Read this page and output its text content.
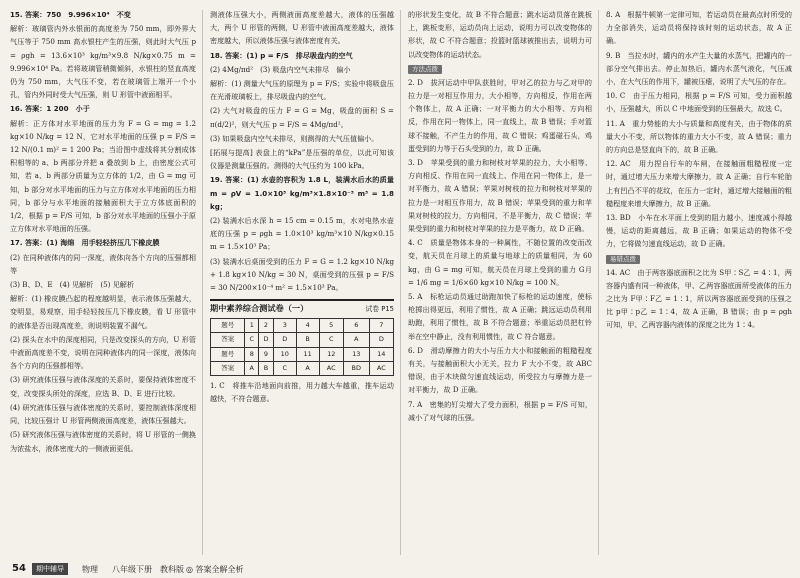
15. 答案：750　9.996×10⁴　不变

解析：玻璃管内外水银面的高度差为 750 mm，即外界大气压等于 750 mm 高水银柱产生的压强，则此时大气压 p = ρgh = 13.6×10³ kg/m³×9.8 N/kg×0.75 m = 9.996×10⁴ Pa。若将玻璃管稍微倾斜，水银柱的竖直高度仍为 750 mm，大气压不变，若在玻璃管上端开一个小孔，管内外同时受大气压强，则 U 形管中液面相平。

16. 答案：1 200　小于

解析：正方体对水平地面的压力为 F = G = mg = 1.2 kg×10 N/kg = 12 N，它对水平地面的压强 p = F/S = 12 N/(0.1 m)² = 1 200 Pa；当沿图中虚线将其分割成体积相等的 a、b 两部分并把 a 叠放到 b 上，由密度公式可知，若 a、b 两部分质量为立方体的 1/2，由 G = mg 可知，b 部分对水平地面的压力与立方体对水平地面的压力相同，b 部分与水平地面的接触面积大于立方体底面积的 1/2，根据 p = F/S 可知，b 部分对水平地面的压强小于原立方体对水平地面的压强。

17. 答案：(1) 海绵　用手轻轻挤压几下橡皮膜

(2) 在同种液体内的同一深度，液体向各个方向的压强都相等

(3) B、D、E　(4) 见解析　(5) 见解析

解析：(1) 橡皮膜凸起的程度越明显，表示液体压强越大，变明显，易观察，用手轻轻按压几下橡皮膜，看 U 形管中的液体是否出现高度差，则说明装置不漏气。

(2) 探头在水中的深度相同，只是改变探头的方向，U 形管中液面高度差不变，说明在同种液体内的同一深度，液体向各个方向的压强都相等。

(3) 研究液体压强与液体深度的关系时，要保持液体密度不变，改变探头所处的深度，应选 B、D、E 进行比较。

(4) 研究液体压强与液体密度的关系时，要控制液体深度相同，比较压强计 U 形管两侧液面高度差，液体压强越大。

(5) 研究液体压强与液体密度的关系时，将 U 形管的一侧换为浓盐水，液体密度大的一侧液面更低。

测液体压强大小，两侧液面高度差越大，液体的压强越大，两个 U 形管的两侧，U 形管中液面高度差越大，液体密度越大，所以液体压强与液体密度有关。

18. 答案：(1) p = F/S　排尽吸盘内的空气

(2) 4Mg/πd²　(3) 吸盘内空气未排尽　偏小

解析：(1) 测量大气压的原理为 p = F/S；实验中将吸盘压在光滑玻璃板上，排尽吸盘内的空气。

(2) 大气对吸盘的压力 F = G = Mg，吸盘的面积 S = π(d/2)²，则大气压 p = F/S = 4Mg/πd²。

(3) 如果吸盘内空气未排尽，则测得的大气压值偏小。

[拓展与提高] 表盘上的“kPa”是压强的单位，以此可知该仪器是测量压强的。测得的大气压约为 100 kPa。

19. 答案：(1) 水壶的容积为 1.8 L，装满水后水的质量 m = ρV = 1.0×10³ kg/m³×1.8×10⁻³ m³ = 1.8 kg；

(2) 装满水后水深 h = 15 cm = 0.15 m，水对电热水壶底的压强 p = ρgh = 1.0×10³ kg/m³×10 N/kg×0.15 m = 1.5×10³ Pa；

(3) 装满水后桌面受到的压力 F = G = 1.2 kg×10 N/kg + 1.8 kg×10 N/kg = 30 N，桌面受到的压强 p = F/S = 30 N/200×10⁻⁴ m² = 1.5×10³ Pa。

期中素养综合测试卷（一）	试卷 P15
题号	1	2	3	4	5	6	7
答案	C	D	D	B	C	A	D
题号	8	9	10	11	12	13	14
答案	A	B	C	A	AC	BD	AC

1. C　将推车沿地面向前推，用力越大车越重，推车运动越快，不符合题意。

的形状发生变化，故 B 不符合题意；跳水运动员落在跳板上，跳板变形，运动员向上运动，说明力可以改变物体的形状，故 C 不符合题意；投篮时篮球被推出去，说明力可以改变物体的运动状态。

方法点拨

2. D　拔河运动中甲队获胜时，甲对乙的拉力与乙对甲的拉力是一对相互作用力，大小相等，方向相反，作用在两个物体上，故 A 正确；一对平衡力的大小相等、方向相反，作用在同一物体上，同一直线上，故 B 错误；手对篮球不接触，不产生力的作用，故 C 错误；鸡蛋碰石头，鸡蛋受到的力等于石头受到的力，故 D 正确。

3. D　苹果受到的重力和树枝对苹果的拉力，大小相等、方向相反、作用在同一直线上、作用在同一物体上，是一对平衡力，故 A 错误；苹果对树枝的拉力和树枝对苹果的拉力是一对相互作用力，故 B 错误；苹果受到的重力和苹果对树枝的拉力，方向相同，不是平衡力，故 C 错误；苹果受到的重力和树枝对苹果的拉力是平衡力，故 D 正确。

4. C　质量是物体本身的一种属性，不随位置的改变而改变，航天员在月球上的质量与地球上的质量相同，为 60 kg，由 G = mg 可知，航天员在月球上受到的重力 G月 = 1/6 mg = 1/6×60 kg×10 N/kg = 100 N。

5. A　标枪运动员通过助跑加快了标枪的运动速度，使标枪掷出得更远，利用了惯性，故 A 正确；跳远运动员利用助跑，利用了惯性，故 B 不符合题意；举重运动员把杠铃举在空中静止，没有利用惯性，故 C 符合题意。

6. D　滑动摩擦力的大小与压力大小和接触面的粗糙程度有关，与接触面积大小无关，拉力 F 大小不变，故 ABC 错误，由于木块做匀速直线运动，所受拉力与摩擦力是一对平衡力，故 D 正确。

7. A　密集的钉尖增大了受力面积，根据 p = F/S 可知，减小了对气球的压强。

8. A　根据牛顿第一定律可知，若运动员在最高点时所受的力全部消失，运动员将保持该时刻的运动状态，故 A 正确。

9. B　当拉水时，罐内的水产生大量的水蒸气，把罐内的一部分空气排出去。停止加热后，罐内水蒸气液化，气压减小，在大气压的作用下，罐被压瘪，说明了大气压的存在。

10. C　由于压力相同，根据 p = F/S 可知，受力面积越小，压强越大，所以 C 中地面受到的压强最大，故选 C。

11. A　重力势能的大小与质量和高度有关，由于物体的质量大小不变，所以物体的重力大小不变，故 A 错误；重力的方向总是竖直向下的，故 B 正确。

12. AC　用力捏自行车的车闸，在接触面粗糙程度一定时，通过增大压力来增大摩擦力，故 A 正确；自行车轮胎上有凹凸不平的花纹，在压力一定时，通过增大接触面的粗糙程度来增大摩擦力，故 B 正确。

13. BD　小车在水平面上受到的阻力越小，速度减小得越慢，运动的距离越远，故 B 正确；如果运动的物体不受力，它将做匀速直线运动，故 D 正确。

易错点拨

14. AC　由于两容器底面积之比为 S甲∶S乙 = 4∶1，两容器内盛有同一种液体，甲、乙两容器底面所受液体的压力之比为 F甲∶F乙 = 1∶1，所以两容器底面受到的压强之比 p甲∶p乙 = 1∶4，故 A 正确，B 错误；由 p = ρgh 可知，甲、乙两容器内液体的深度之比为 1∶4。

54	期中辅导	物理 八年级下册　教科版 ◎ 答案全解全析
